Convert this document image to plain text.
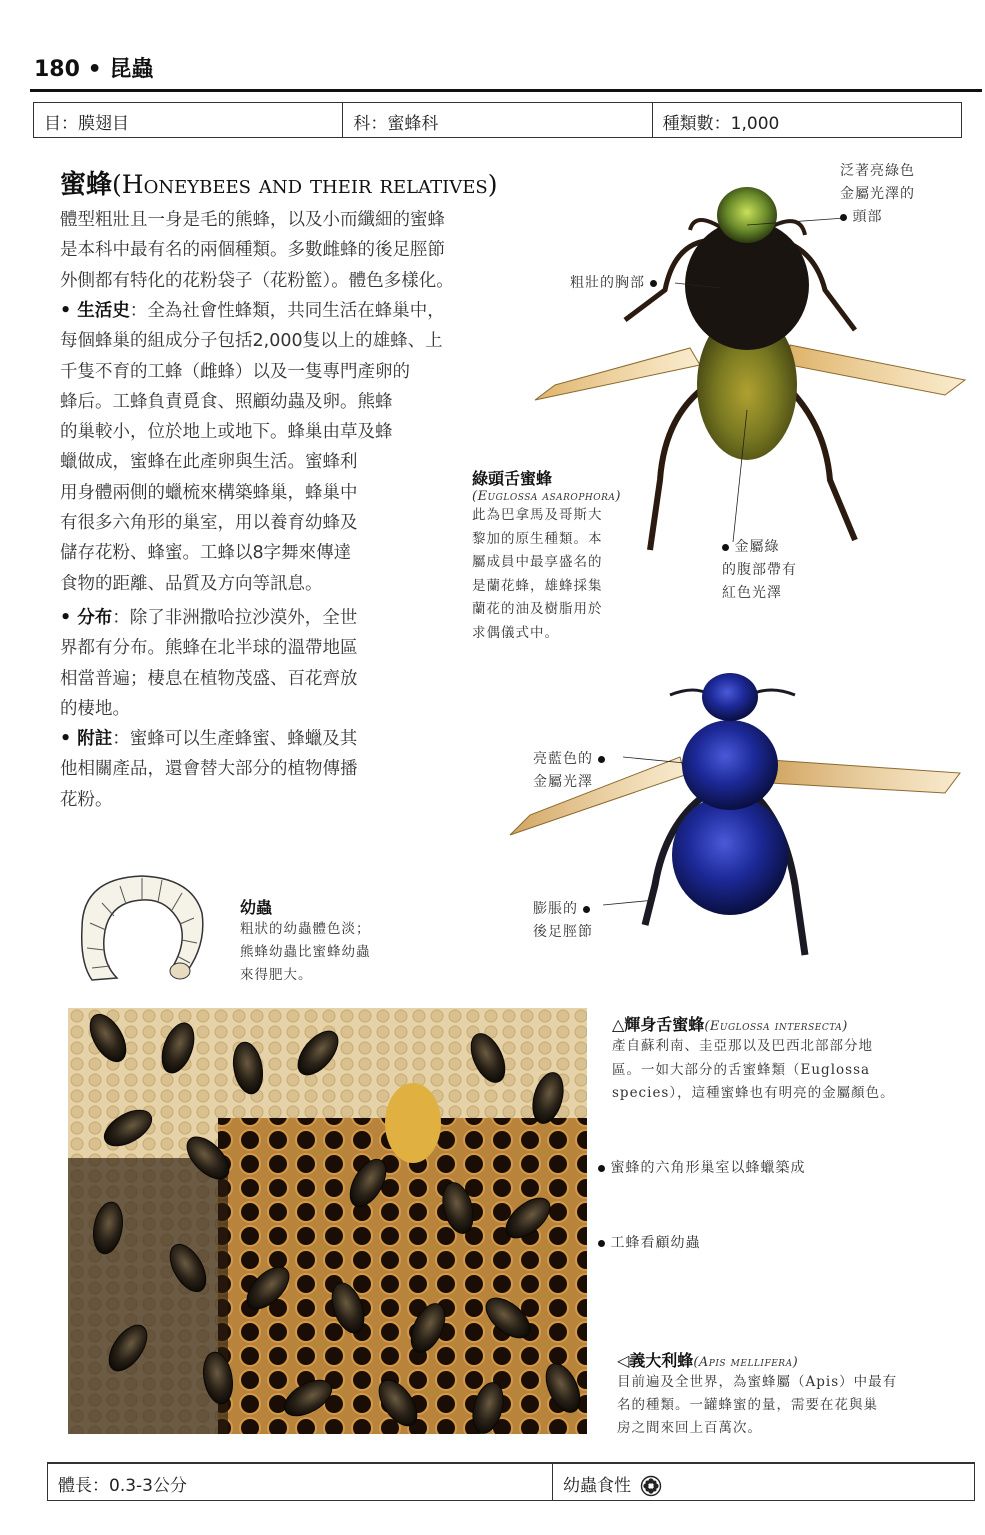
180 • 昆蟲
目：膜翅目	科：蜜蜂科	種類數：1,000
蜜蜂(Honeybees and their relatives)
體型粗壯且一身是毛的熊蜂，以及小而纖細的蜜蜂
是本科中最有名的兩個種類。多數雌蜂的後足脛節
外側都有特化的花粉袋子（花粉籃）。體色多樣化。
• 生活史：全為社會性蜂類，共同生活在蜂巢中，
每個蜂巢的組成分子包括2,000隻以上的雄蜂、上
千隻不育的工蜂（雌蜂）以及一隻專門產卵的
蜂后。工蜂負責覓食、照顧幼蟲及卵。熊蜂
的巢較小，位於地上或地下。蜂巢由草及蜂
蠟做成，蜜蜂在此產卵與生活。蜜蜂利
用身體兩側的蠟梳來構築蜂巢，蜂巢中
有很多六角形的巢室，用以養育幼蜂及
儲存花粉、蜂蜜。工蜂以8字舞來傳達
食物的距離、品質及方向等訊息。
• 分布：除了非洲撒哈拉沙漠外，全世
界都有分布。熊蜂在北半球的溫帶地區
相當普遍；棲息在植物茂盛、百花齊放
的棲地。
• 附註：蜜蜂可以生產蜂蜜、蜂蠟及其
他相關產品，還會替大部分的植物傳播
花粉。
泛著亮綠色
金屬光澤的
頭部
粗壯的胸部
金屬綠
的腹部帶有
紅色光澤
綠頭舌蜜蜂
(Euglossa asarophora)
此為巴拿馬及哥斯大
黎加的原生種類。本
屬成員中最享盛名的
是蘭花蜂，雄蜂採集
蘭花的油及樹脂用於
求偶儀式中。
亮藍色的
金屬光澤
膨脹的
後足脛節
幼蟲
粗狀的幼蟲體色淡；
熊蜂幼蟲比蜜蜂幼蟲
來得肥大。
△輝身舌蜜蜂(Euglossa intersecta)
產自蘇利南、圭亞那以及巴西北部部分地
區。一如大部分的舌蜜蜂類（Euglossa
species），這種蜜蜂也有明亮的金屬顏色。
蜜蜂的六角形巢室以蜂蠟築成
工蜂看顧幼蟲
◁義大利蜂(Apis mellifera)
目前遍及全世界，為蜜蜂屬（Apis）中最有
名的種類。一罐蜂蜜的量，需要在花與巢
房之間來回上百萬次。
體長：0.3-3公分	幼蟲食性
